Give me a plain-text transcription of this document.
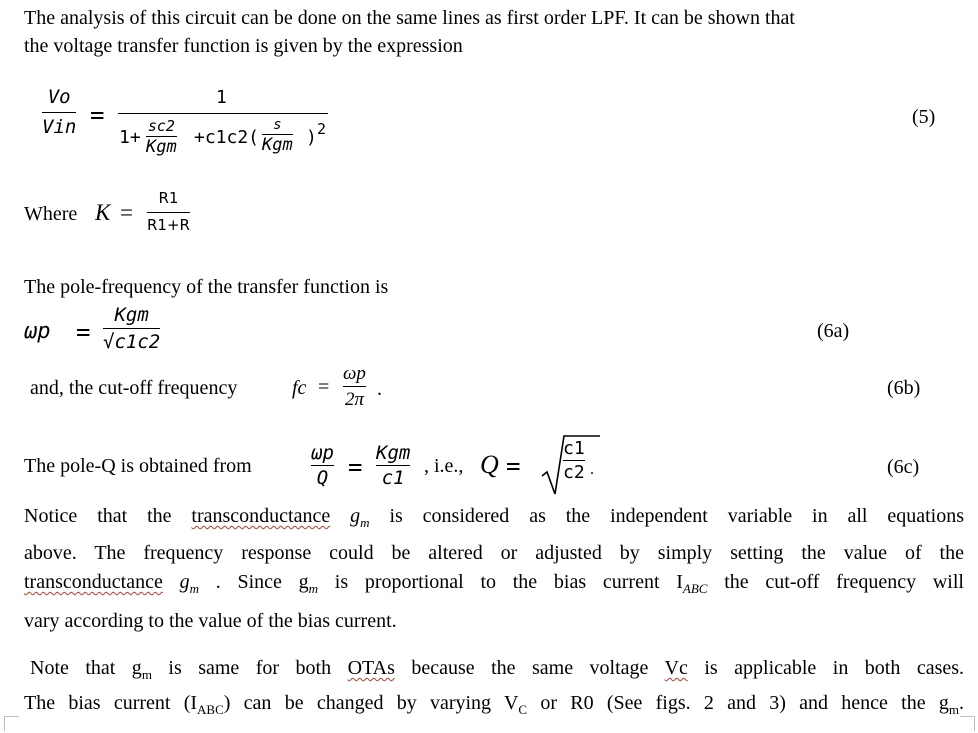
The analysis of this circuit can be done on the same lines as first order LPF. It can be shown that
the voltage transfer function is given by the expression
Vo
Vin =
1
1+
sc2
Kgm +c1c2(
s
Kgm ) 2
(5)
Where K =
R1
R1+R
The pole-frequency of the transfer function is
ωp =
Kgm
√c1c2	(6a)
and, the cut-off frequency	fc =
ωp
2π .	(6b)
The pole-Q is obtained from
ωp
Q = Kgm
c1
, i.e., Q =
c1
c2 .	(6c)
Notice that the transconductance $g_m$ is considered as the independent variable in all equations
above. The frequency response could be altered or adjusted by simply setting the value of the
transconductance $g_m$ . Since $g_m$ is proportional to the bias current $I_{ABC}$ the cut-off frequency will
vary according to the value of the bias current.
Note that $g_m$ is same for both OTAs because the same voltage Vc is applicable in both cases.
The bias current $(I_{ABC})$ can be changed by varying $V_C$ or R0 (See figs. 2 and 3) and hence the $g_m$.
